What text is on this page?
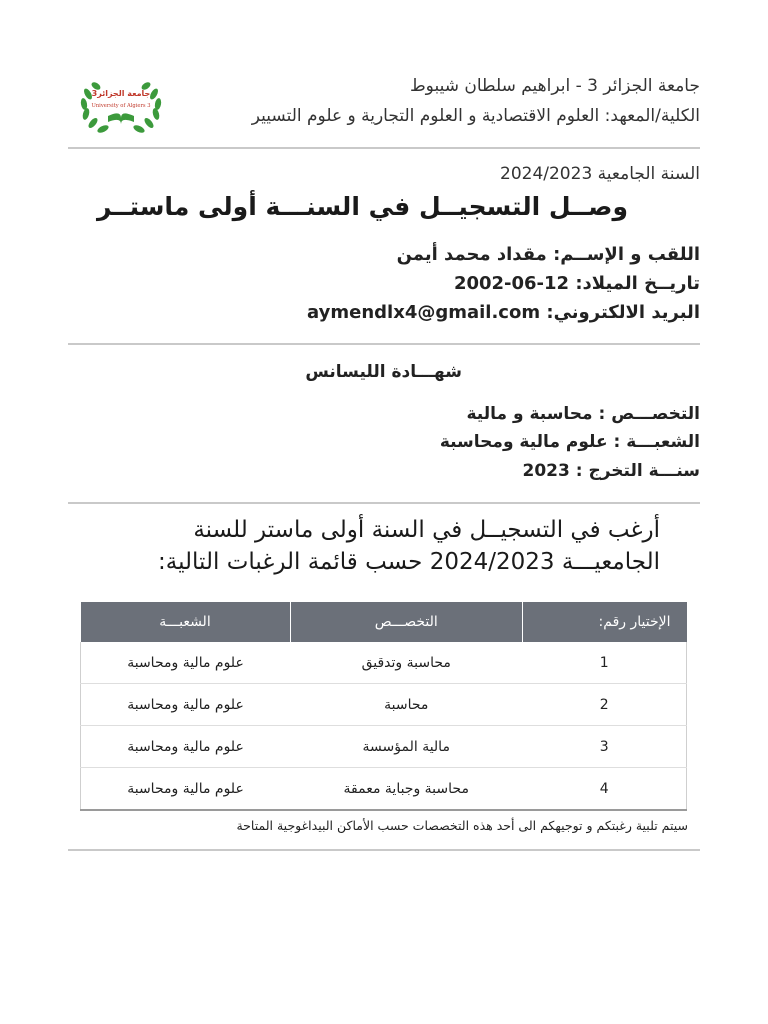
جامعة الجزائر 3 - ابراهيم سلطان شيبوط
الكلية/المعهد: العلوم الاقتصادية و العلوم التجارية و علوم التسيير
جامعة الجزائر3
University of Algiers 3
السنة الجامعية 2024/2023
وصــل التسجيــل في السنـــة أولى ماستــر
اللقب و الإســم: مقداد محمد أيمن
تاريــخ الميلاد: 2002-06-12
البريد الالكتروني: aymendlx4@gmail.com
شهـــادة الليسانس
التخصـــص : محاسبة و مالية
الشعبـــة : علوم مالية ومحاسبة
سنـــة التخرج : 2023
أرغب في التسجيــل في السنة أولى ماستر للسنة الجامعيـــة 2024/2023 حسب قائمة الرغبات التالية:
الإختيار رقم:	التخصـــص	الشعبـــة
1	محاسبة وتدقيق	علوم مالية ومحاسبة
2	محاسبة	علوم مالية ومحاسبة
3	مالية المؤسسة	علوم مالية ومحاسبة
4	محاسبة وجباية معمقة	علوم مالية ومحاسبة
سيتم تلبية رغبتكم و توجيهكم الى أحد هذه التخصصات حسب الأماكن البيداغوجية المتاحة
